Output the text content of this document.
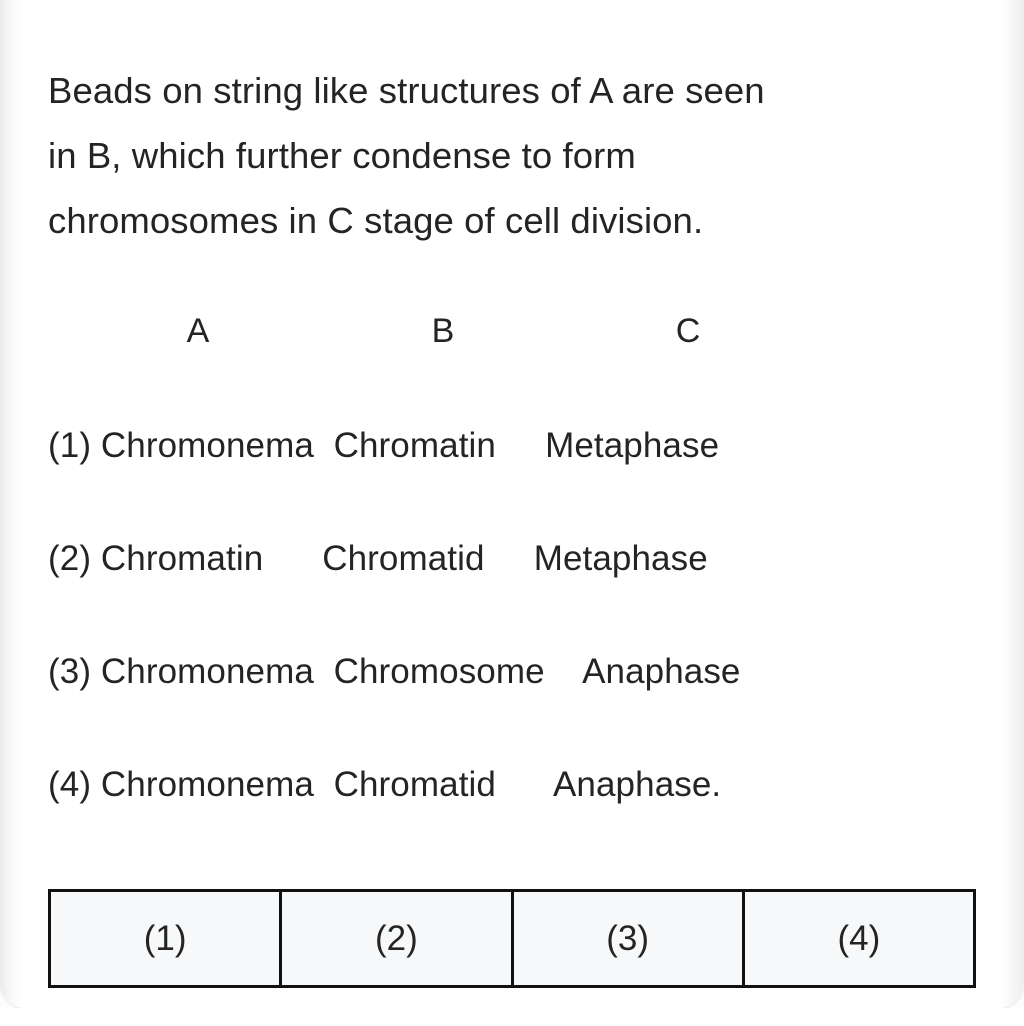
Beads on string like structures of A are seen
in B, which further condense to form
chromosomes in C stage of cell division.
A	B	C
(1) Chromonema Chromatin Metaphase
(2) Chromatin Chromatid Metaphase
(3) Chromonema Chromosome Anaphase
(4) Chromonema Chromatid Anaphase.
(1)	(2)	(3)	(4)
